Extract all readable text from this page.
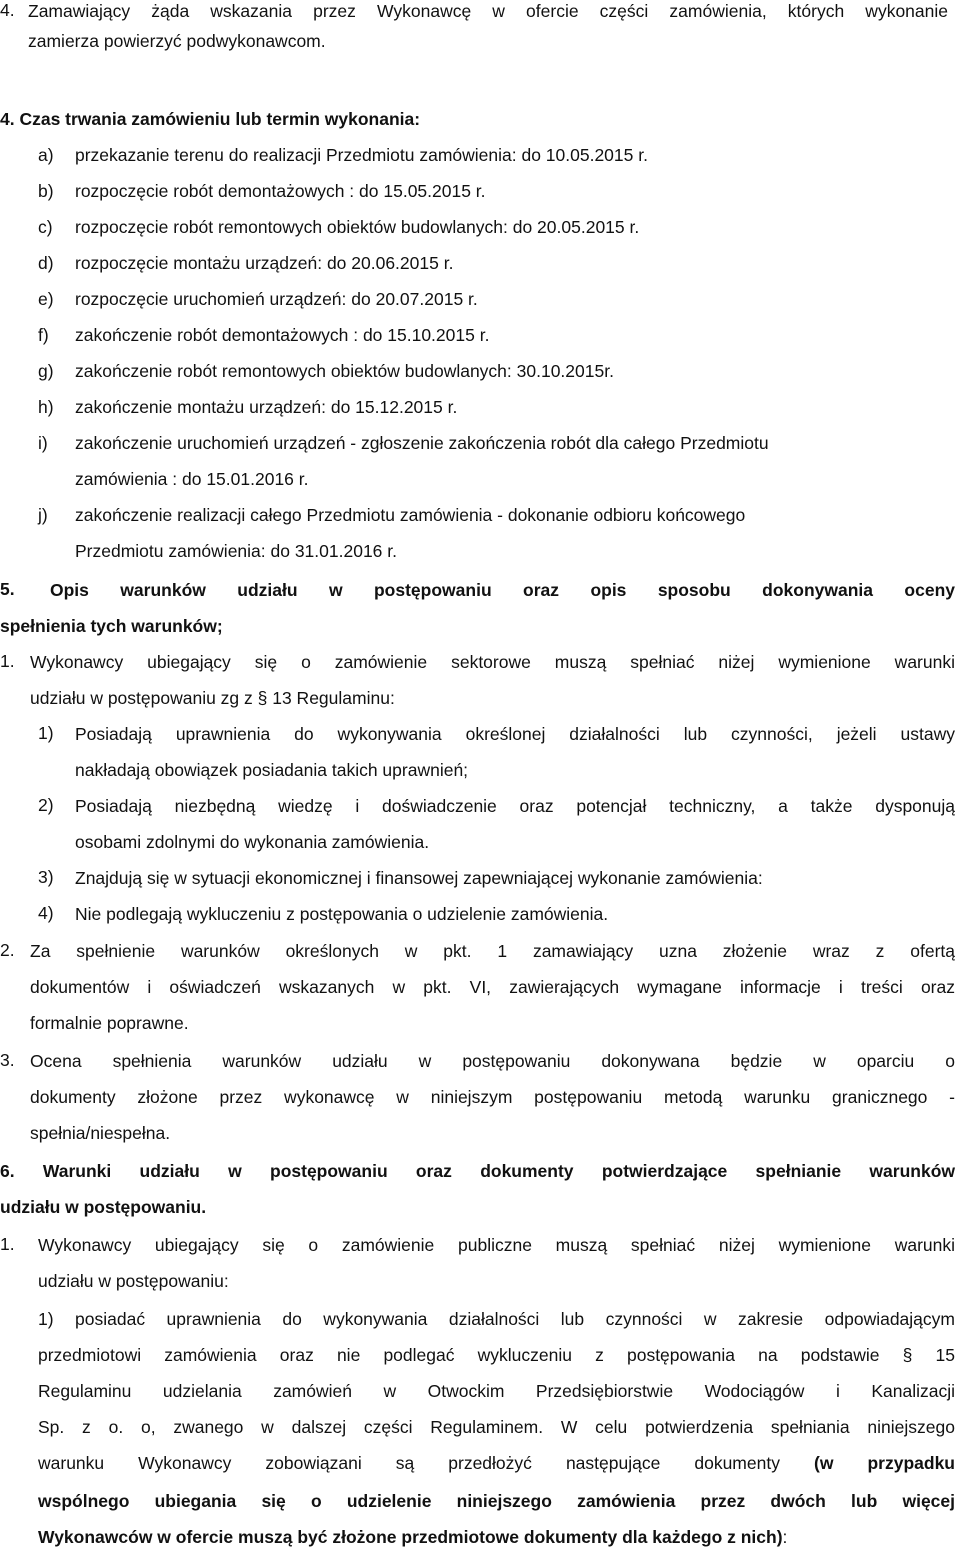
4. Zamawiający żąda wskazania przez Wykonawcę w ofercie części zamówienia, których wykonanie
zamierza powierzyć podwykonawcom.
4. Czas trwania zamówieniu lub termin wykonania:
a) przekazanie terenu do realizacji Przedmiotu zamówienia: do 10.05.2015 r.
b) rozpoczęcie robót demontażowych : do 15.05.2015 r.
c) rozpoczęcie robót remontowych obiektów budowlanych: do 20.05.2015 r.
d) rozpoczęcie montażu urządzeń: do 20.06.2015 r.
e) rozpoczęcie uruchomień urządzeń: do 20.07.2015 r.
f) zakończenie robót demontażowych : do 15.10.2015 r.
g) zakończenie robót remontowych obiektów budowlanych: 30.10.2015r.
h) zakończenie montażu urządzeń: do 15.12.2015 r.
i) zakończenie uruchomień urządzeń - zgłoszenie zakończenia robót dla całego Przedmiotu
zamówienia : do 15.01.2016 r.
j) zakończenie realizacji całego Przedmiotu zamówienia - dokonanie odbioru końcowego
Przedmiotu zamówienia: do 31.01.2016 r.
5. Opis warunków udziału w postępowaniu oraz opis sposobu dokonywania oceny
spełnienia tych warunków;
1. Wykonawcy ubiegający się o zamówienie sektorowe muszą spełniać niżej wymienione warunki
udziału w postępowaniu zg z § 13 Regulaminu:
1) Posiadają uprawnienia do wykonywania określonej działalności lub czynności, jeżeli ustawy
nakładają obowiązek posiadania takich uprawnień;
2) Posiadają niezbędną wiedzę i doświadczenie oraz potencjał techniczny, a także dysponują
osobami zdolnymi do wykonania zamówienia.
3) Znajdują się w sytuacji ekonomicznej i finansowej zapewniającej wykonanie zamówienia:
4) Nie podlegają wykluczeniu z postępowania o udzielenie zamówienia.
2. Za spełnienie warunków określonych w pkt. 1 zamawiający uzna złożenie wraz z ofertą
dokumentów i oświadczeń wskazanych w pkt. VI, zawierających wymagane informacje i treści oraz
formalnie poprawne.
3. Ocena spełnienia warunków udziału w postępowaniu dokonywana będzie w oparciu o
dokumenty złożone przez wykonawcę w niniejszym postępowaniu metodą warunku granicznego -
spełnia/niespełna.
6. Warunki udziału w postępowaniu oraz dokumenty potwierdzające spełnianie warunków
udziału w postępowaniu.
1. Wykonawcy ubiegający się o zamówienie publiczne muszą spełniać niżej wymienione warunki
udziału w postępowaniu:
1) posiadać uprawnienia do wykonywania działalności lub czynności w zakresie odpowiadającym
przedmiotowi zamówienia oraz nie podlegać wykluczeniu z postępowania na podstawie § 15
Regulaminu udzielania zamówień w Otwockim Przedsiębiorstwie Wodociągów i Kanalizacji
Sp. z o. o, zwanego w dalszej części Regulaminem. W celu potwierdzenia spełniania niniejszego
warunku Wykonawcy zobowiązani są przedłożyć następujące dokumenty (w przypadku
wspólnego ubiegania się o udzielenie niniejszego zamówienia przez dwóch lub więcej
Wykonawców w ofercie muszą być złożone przedmiotowe dokumenty dla każdego z nich):
